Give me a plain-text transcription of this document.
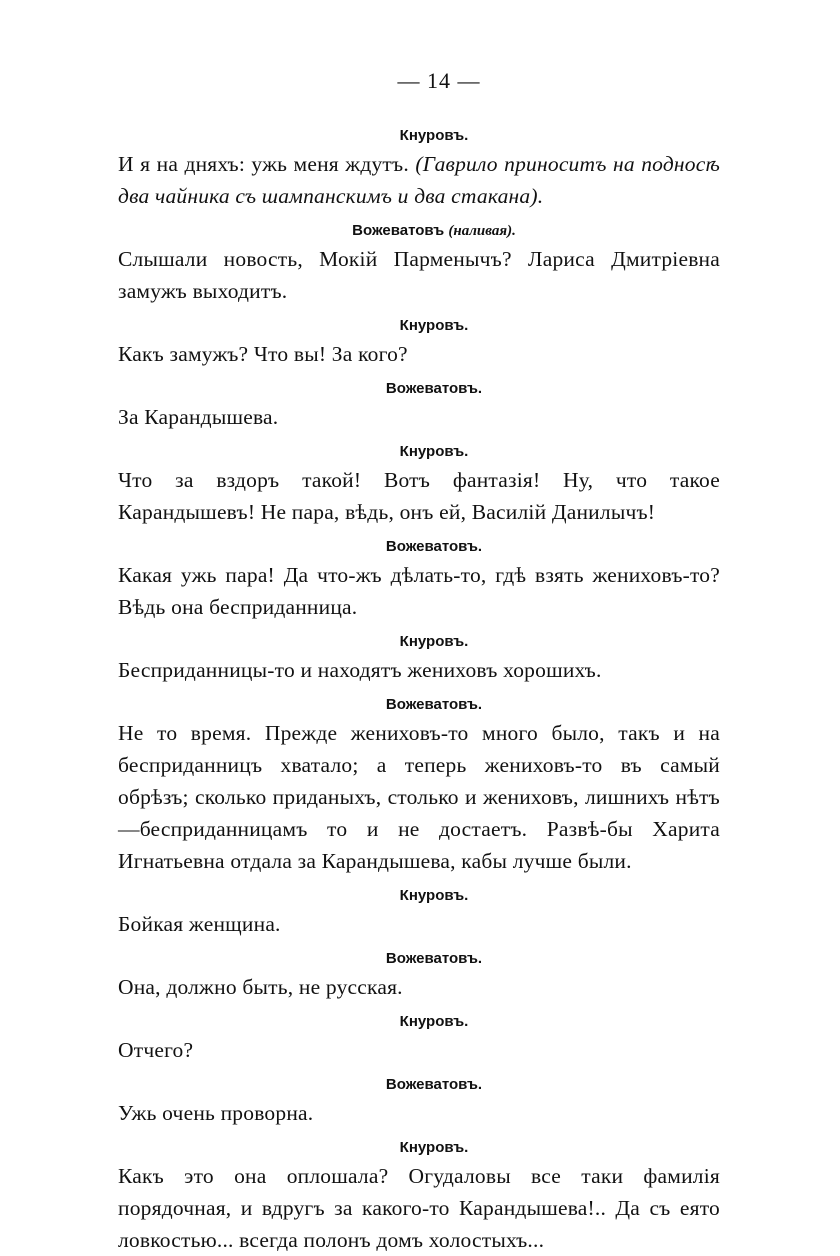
— 14 —
Кнуровъ.
И я на дняхъ: ужь меня ждутъ. (Гаврило приноситъ на подносѣ два чайника съ шампанскимъ и два стакана).
Вожеватовъ (наливая).
Слышали новость, Мокій Парменычъ? Лариса Дмитріевна замужъ выходитъ.
Кнуровъ.
Какъ замужъ? Что вы! За кого?
Вожеватовъ.
За Карандышева.
Кнуровъ.
Что за вздоръ такой! Вотъ фантазія! Ну, что такое Карандышевъ! Не пара, вѣдь, онъ ей, Василій Данилычъ!
Вожеватовъ.
Какая ужь пара! Да что-жъ дѣлать-то, гдѣ взять жениховъ-то? Вѣдь она бесприданница.
Кнуровъ.
Бесприданницы-то и находятъ жениховъ хорошихъ.
Вожеватовъ.
Не то время. Прежде жениховъ-то много было, такъ и на бесприданницъ хватало; а теперь жениховъ-то въ самый обрѣзъ; сколько приданыхъ, столько и жениховъ, лишнихъ нѣтъ—бесприданницамъ то и не достаетъ. Развѣ-бы Харита Игнатьевна отдала за Карандышева, кабы лучше были.
Кнуровъ.
Бойкая женщина.
Вожеватовъ.
Она, должно быть, не русская.
Кнуровъ.
Отчего?
Вожеватовъ.
Ужь очень проворна.
Кнуровъ.
Какъ это она оплошала? Огудаловы все таки фамилія порядочная, и вдругъ за какого-то Карандышева!.. Да съ еято ловкостью... всегда полонъ домъ холостыхъ...
